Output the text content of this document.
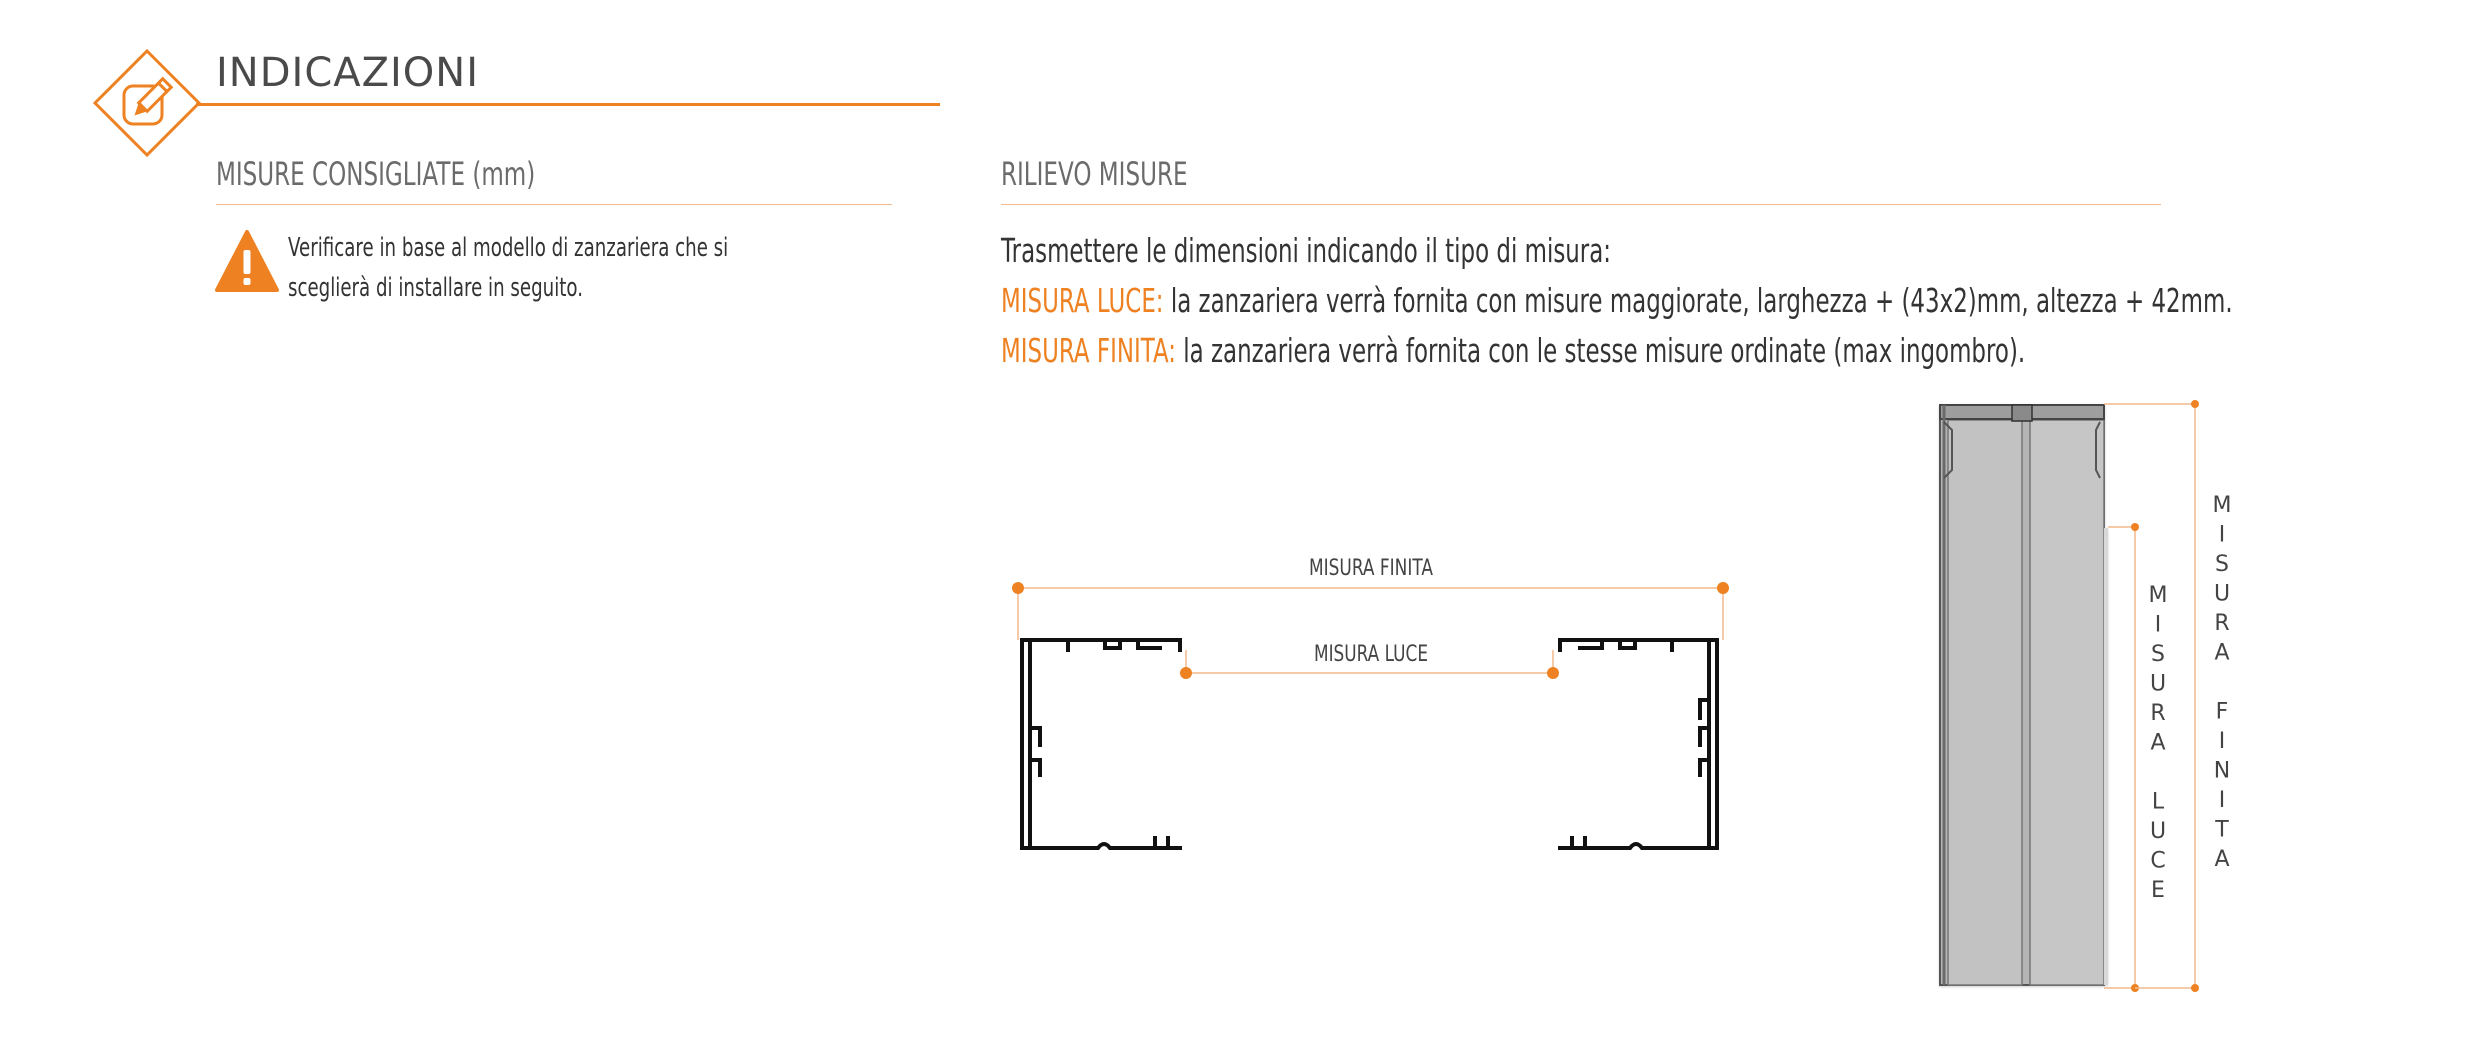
INDICAZIONI
MISURE CONSIGLIATE (mm)
Verificare in base al modello di zanzariera che si
sceglierà di installare in seguito.
RILIEVO MISURE
Trasmettere le dimensioni indicando il tipo di misura:
MISURA LUCE: la zanzariera verrà fornita con misure maggiorate, larghezza + (43x2)mm, altezza + 42mm.
MISURA FINITA: la zanzariera verrà fornita con le stesse misure ordinate (max ingombro).
MISURA FINITA
MISURA LUCE
M
I
S
U
R
A
L
U
C
E
M
I
S
U
R
A
F
I
N
I
T
A
